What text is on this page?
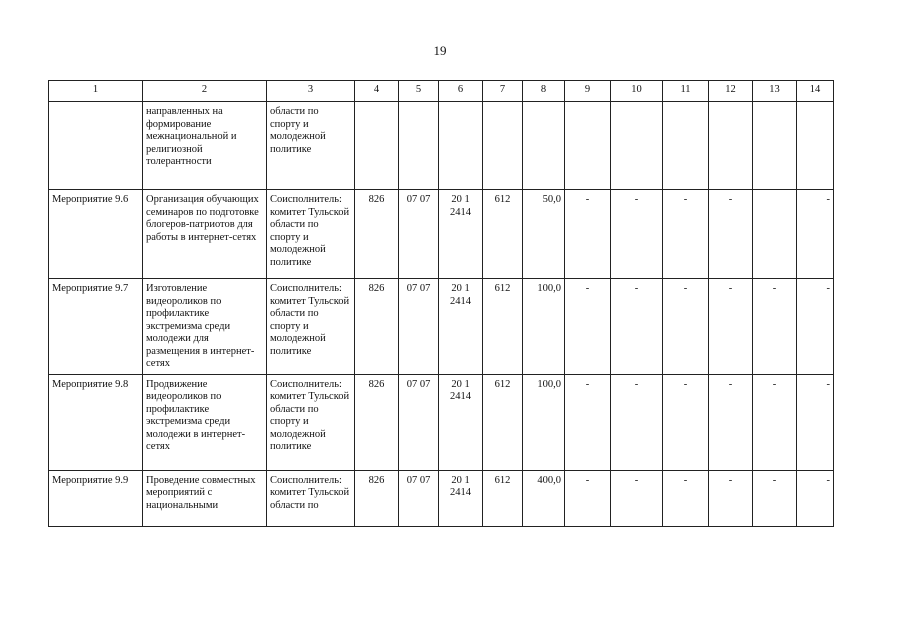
19
1	2	3	4	5	6	7	8	9	10	11	12	13	14
	направленных на формирование межнациональной и религиозной толерантности	области по спорту и молодежной политике											
Мероприятие 9.6	Организация обучающих семинаров по подготовке блогеров-патриотов для работы в интернет-сетях	Соисполнитель: комитет Тульской области по спорту и молодежной политике	826	07 07	20 1 2414	612	50,0	-	-	-	-		-
Мероприятие 9.7	Изготовление видеороликов по профилактике экстремизма среди молодежи для размещения в интернет-сетях	Соисполнитель: комитет Тульской области по спорту и молодежной политике	826	07 07	20 1 2414	612	100,0	-	-	-	-	-	-
Мероприятие 9.8	Продвижение видеороликов по профилактике экстремизма среди молодежи в интернет-сетях	Соисполнитель: комитет Тульской области по спорту и молодежной политике	826	07 07	20 1 2414	612	100,0	-	-	-	-	-	-
Мероприятие 9.9	Проведение совместных мероприятий с национальными	Соисполнитель: комитет Тульской области по	826	07 07	20 1 2414	612	400,0	-	-	-	-	-	-
